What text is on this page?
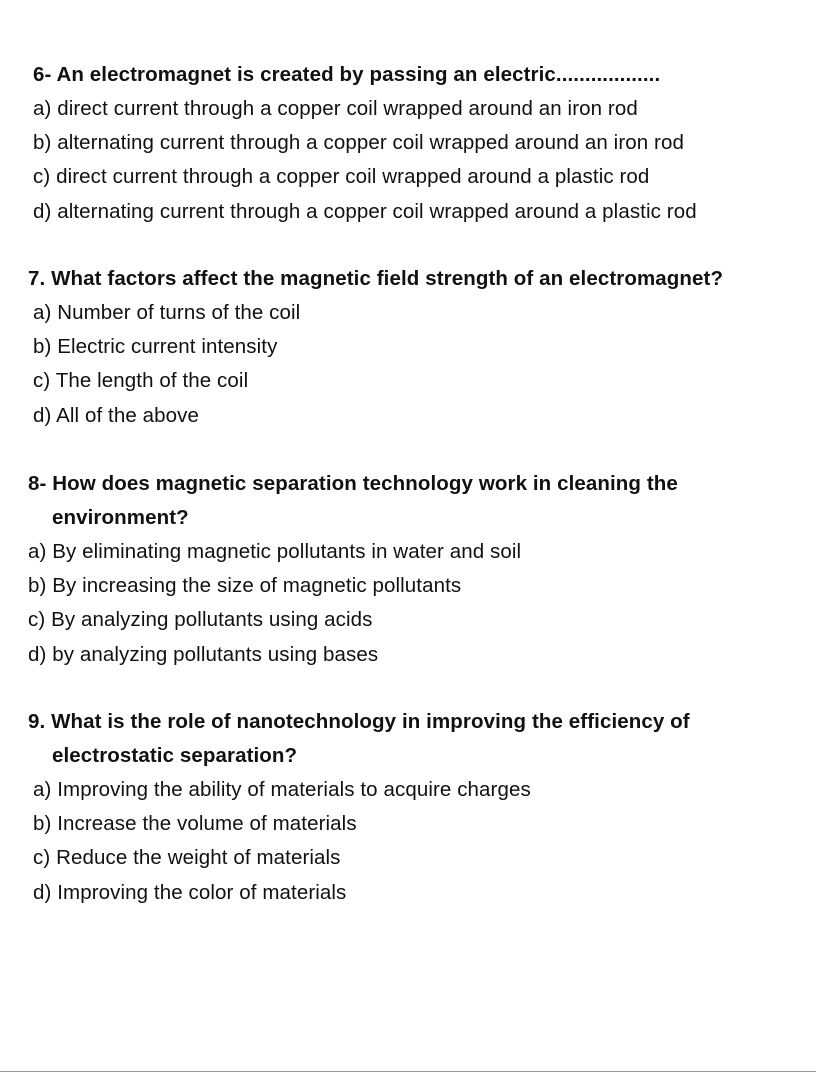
6- An electromagnet is created by passing an electric..................

a) direct current through a copper coil wrapped around an iron rod

b) alternating current through a copper coil wrapped around an iron rod

c) direct current through a copper coil wrapped around a plastic rod

d) alternating current through a copper coil wrapped around a plastic rod

7. What factors affect the magnetic field strength of an electromagnet?

a) Number of turns of the coil

b) Electric current intensity

c) The length of the coil

d) All of the above

8- How does magnetic separation technology work in cleaning the
environment?

a) By eliminating magnetic pollutants in water and soil

b) By increasing the size of magnetic pollutants

c) By analyzing pollutants using acids

d) by analyzing pollutants using bases

9. What is the role of nanotechnology in improving the efficiency of
electrostatic separation?

a) Improving the ability of materials to acquire charges

b) Increase the volume of materials

c) Reduce the weight of materials

d) Improving the color of materials
